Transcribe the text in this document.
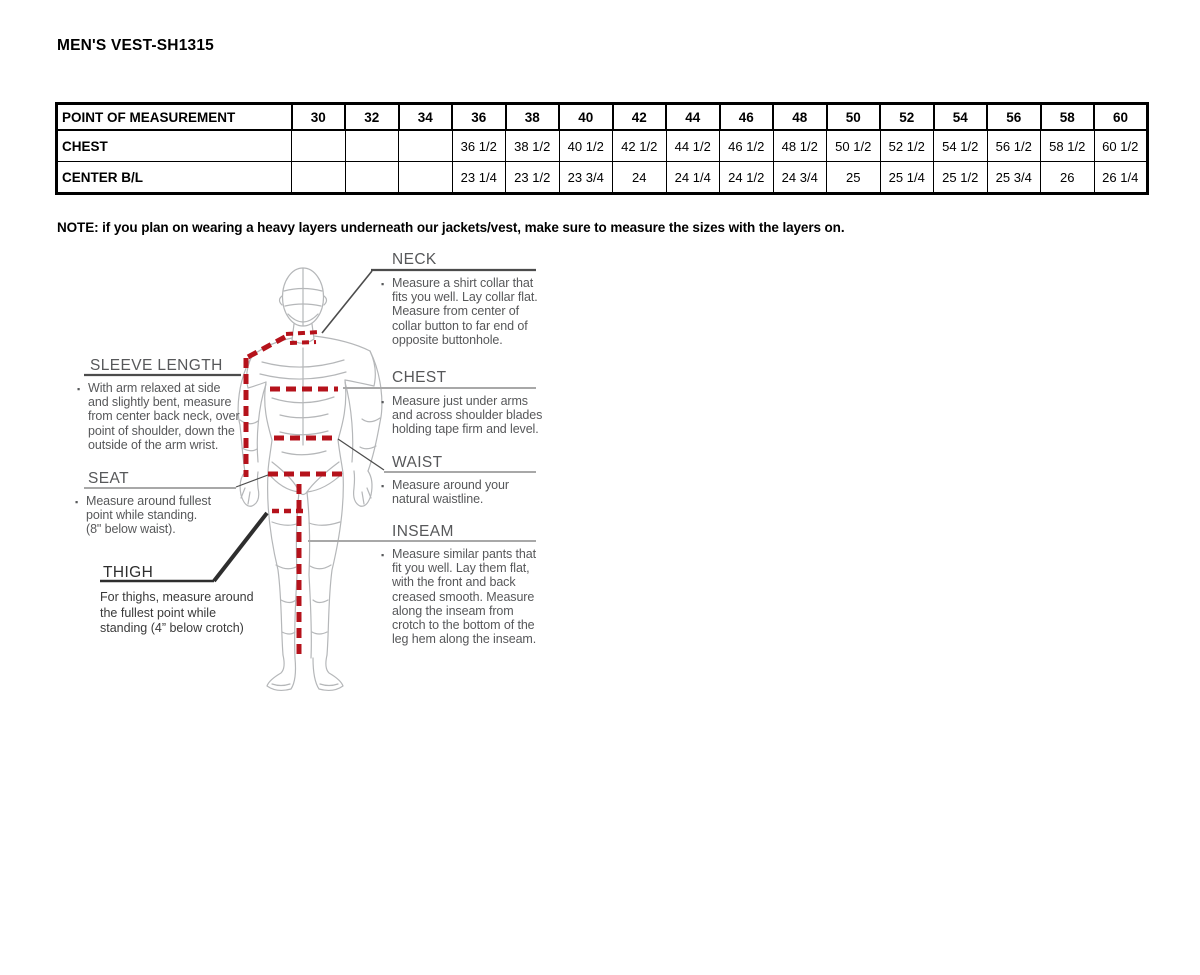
MEN'S VEST-SH1315
POINT OF MEASUREMENT	30	32	34	36	38	40	42	44	46	48	50	52	54	56	58	60
CHEST				36 1/2	38 1/2	40 1/2	42 1/2	44 1/2	46 1/2	48 1/2	50 1/2	52 1/2	54 1/2	56 1/2	58 1/2	60 1/2
CENTER B/L				23 1/4	23 1/2	23 3/4	24	24 1/4	24 1/2	24 3/4	25	25 1/4	25 1/2	25 3/4	26	26 1/4
NOTE: if you plan on wearing a heavy layers underneath our jackets/vest, make sure to measure the sizes with the layers on.
NECK
▪ Measure a shirt collar that
fits you well. Lay collar flat.
Measure from center of
collar button to far end of
opposite buttonhole.
SLEEVE LENGTH
▪ With arm relaxed at side
and slightly bent, measure
from center back neck, over
point of shoulder, down the
outside of the arm wrist.
CHEST
▪ Measure just under arms
and across shoulder blades
holding tape firm and level.
WAIST
▪ Measure around your
natural waistline.
SEAT
▪ Measure around fullest
point while standing.
(8" below waist).	INSEAM
▪ Measure similar pants that
fit you well. Lay them flat,
with the front and back
creased smooth. Measure
along the inseam from
crotch to the bottom of the
leg hem along the inseam.
THIGH
For thighs, measure around
the fullest point while
standing (4” below crotch)
